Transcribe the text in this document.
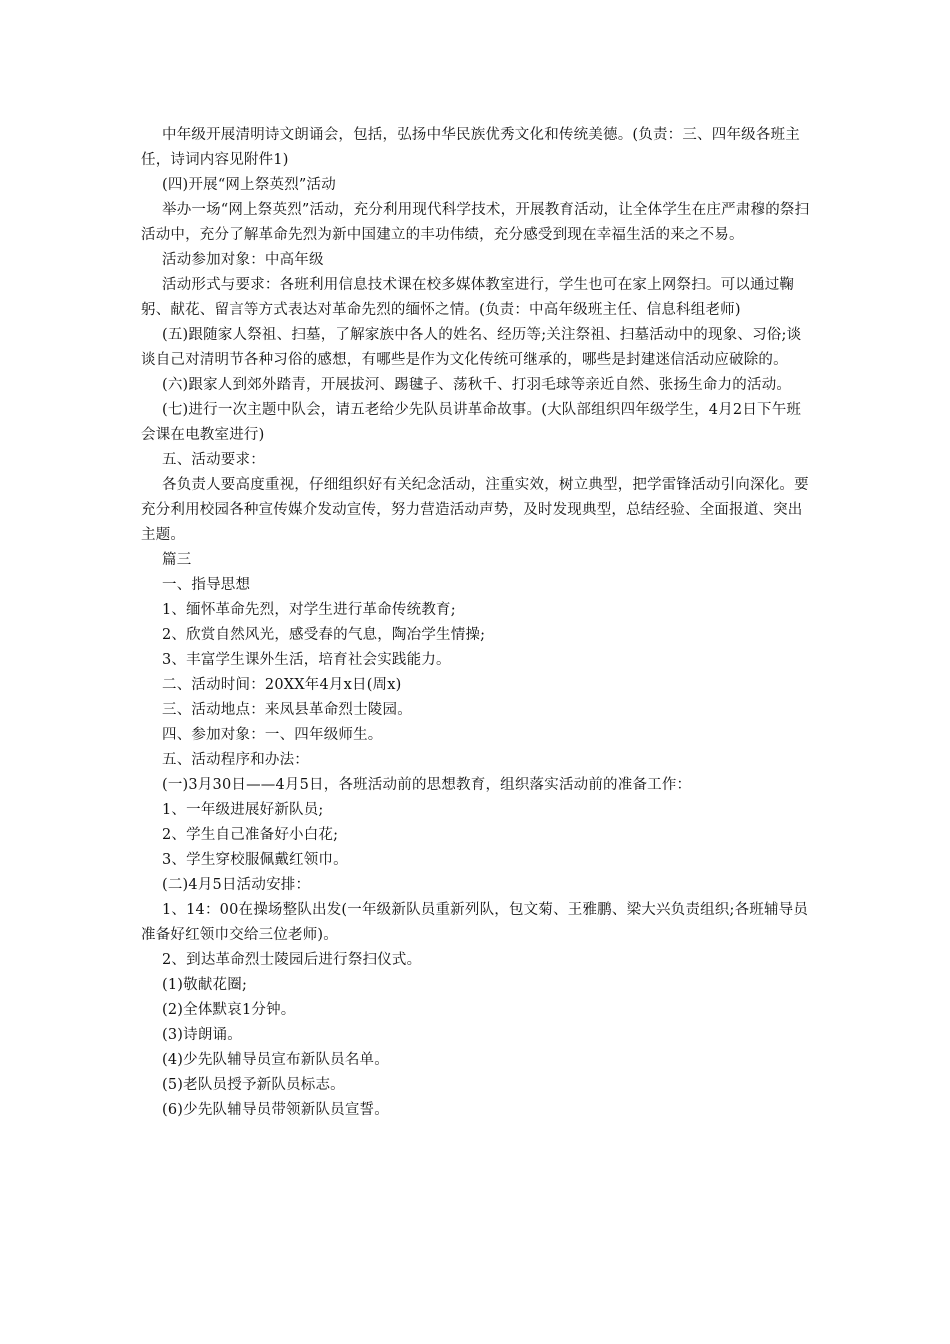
中年级开展清明诗文朗诵会，包括，弘扬中华民族优秀文化和传统美德。(负责：三、四年级各班主任，诗词内容见附件1)

(四)开展“网上祭英烈”活动

举办一场“网上祭英烈”活动，充分利用现代科学技术，开展教育活动，让全体学生在庄严肃穆的祭扫活动中，充分了解革命先烈为新中国建立的丰功伟绩，充分感受到现在幸福生活的来之不易。

活动参加对象：中高年级

活动形式与要求：各班利用信息技术课在校多媒体教室进行，学生也可在家上网祭扫。可以通过鞠躬、献花、留言等方式表达对革命先烈的缅怀之情。(负责：中高年级班主任、信息科组老师)

(五)跟随家人祭祖、扫墓，了解家族中各人的姓名、经历等;关注祭祖、扫墓活动中的现象、习俗;谈谈自己对清明节各种习俗的感想，有哪些是作为文化传统可继承的，哪些是封建迷信活动应破除的。

(六)跟家人到郊外踏青，开展拔河、踢毽子、荡秋千、打羽毛球等亲近自然、张扬生命力的活动。

(七)进行一次主题中队会，请五老给少先队员讲革命故事。(大队部组织四年级学生，4月2日下午班会课在电教室进行)

五、活动要求：

各负责人要高度重视，仔细组织好有关纪念活动，注重实效，树立典型，把学雷锋活动引向深化。要充分利用校园各种宣传媒介发动宣传，努力营造活动声势，及时发现典型，总结经验、全面报道、突出主题。

篇三

一、指导思想

1、缅怀革命先烈，对学生进行革命传统教育;

2、欣赏自然风光，感受春的气息，陶冶学生情操;

3、丰富学生课外生活，培育社会实践能力。

二、活动时间：20XX年4月x日(周x)

三、活动地点：来凤县革命烈士陵园。

四、参加对象：一、四年级师生。

五、活动程序和办法：

(一)3月30日——4月5日，各班活动前的思想教育，组织落实活动前的准备工作：

1、一年级进展好新队员;

2、学生自己准备好小白花;

3、学生穿校服佩戴红领巾。

(二)4月5日活动安排：

1、14：00在操场整队出发(一年级新队员重新列队，包文菊、王雅鹏、梁大兴负责组织;各班辅导员准备好红领巾交给三位老师)。

2、到达革命烈士陵园后进行祭扫仪式。

(1)敬献花圈;

(2)全体默哀1分钟。

(3)诗朗诵。

(4)少先队辅导员宣布新队员名单。

(5)老队员授予新队员标志。

(6)少先队辅导员带领新队员宣誓。
